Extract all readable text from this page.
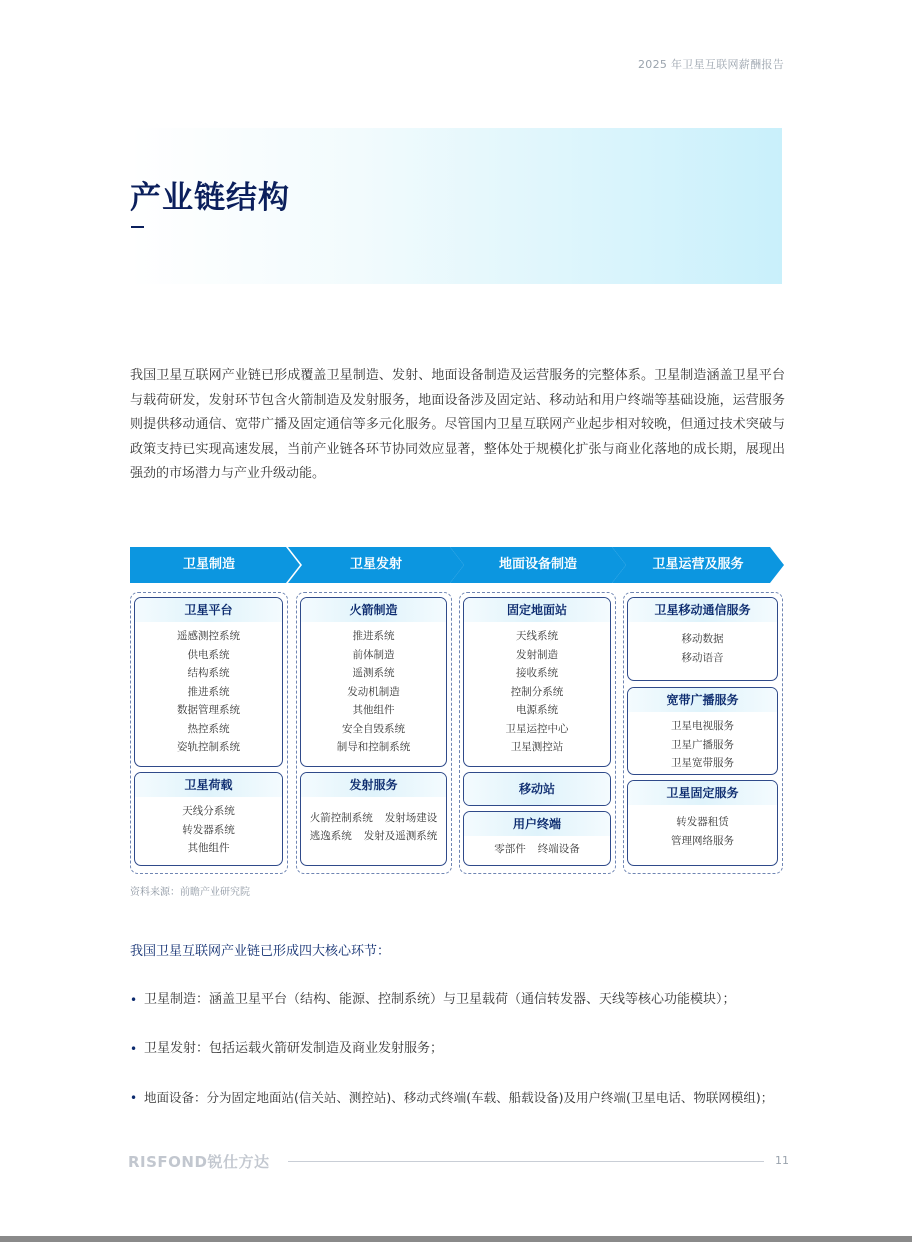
2025 年卫星互联网薪酬报告
产业链结构

我国卫星互联网产业链已形成覆盖卫星制造、发射、地面设备制造及运营服务的完整体系。卫星制造涵盖卫星平台与载荷研发，发射环节包含火箭制造及发射服务，地面设备涉及固定站、移动站和用户终端等基础设施，运营服务则提供移动通信、宽带广播及固定通信等多元化服务。尽管国内卫星互联网产业起步相对较晚，但通过技术突破与政策支持已实现高速发展，当前产业链各环节协同效应显著，整体处于规模化扩张与商业化落地的成长期，展现出强劲的市场潜力与产业升级动能。

卫星制造	卫星发射	地面设备制造	卫星运营及服务
卫星平台
遥感测控系统
供电系统
结构系统
推进系统
数据管理系统
热控系统
姿轨控制系统
卫星荷载
天线分系统
转发器系统
其他组件
火箭制造
推进系统
前体制造
遥测系统
发动机制造
其他组件
安全自毁系统
制导和控制系统
发射服务
火箭控制系统 发射场建设
逃逸系统 发射及遥测系统
固定地面站
天线系统
发射制造
接收系统
控制分系统
电源系统
卫星运控中心
卫星测控站
移动站
用户终端
零部件 终端设备
卫星移动通信服务
移动数据
移动语音
宽带广播服务
卫星电视服务
卫星广播服务
卫星宽带服务
卫星固定服务
转发器租赁
管理网络服务
资料来源：前瞻产业研究院
我国卫星互联网产业链已形成四大核心环节：
• 卫星制造：涵盖卫星平台（结构、能源、控制系统）与卫星载荷（通信转发器、天线等核心功能模块）；
• 卫星发射：包括运载火箭研发制造及商业发射服务；
• 地面设备：分为固定地面站(信关站、测控站)、移动式终端(车载、船载设备)及用户终端(卫星电话、物联网模组)；
RISFOND锐仕方达	11
